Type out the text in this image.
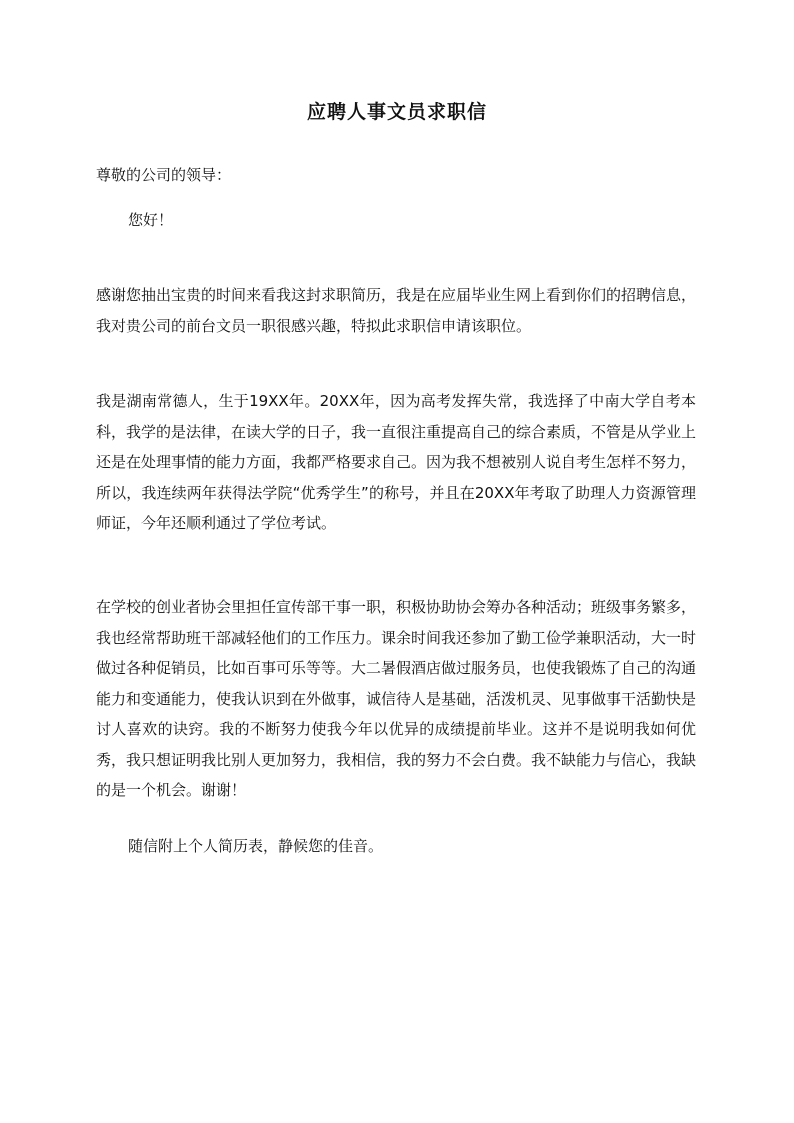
应聘人事文员求职信
尊敬的公司的领导：
您好！
感谢您抽出宝贵的时间来看我这封求职简历，我是在应届毕业生网上看到你们的招聘信息，我对贵公司的前台文员一职很感兴趣，特拟此求职信申请该职位。
我是湖南常德人，生于19XX年。20XX年，因为高考发挥失常，我选择了中南大学自考本科，我学的是法律，在读大学的日子，我一直很注重提高自己的综合素质，不管是从学业上还是在处理事情的能力方面，我都严格要求自己。因为我不想被别人说自考生怎样不努力，所以，我连续两年获得法学院“优秀学生”的称号，并且在20XX年考取了助理人力资源管理师证，今年还顺利通过了学位考试。
在学校的创业者协会里担任宣传部干事一职，积极协助协会筹办各种活动；班级事务繁多，我也经常帮助班干部减轻他们的工作压力。课余时间我还参加了勤工俭学兼职活动，大一时做过各种促销员，比如百事可乐等等。大二暑假酒店做过服务员，也使我锻炼了自己的沟通能力和变通能力，使我认识到在外做事，诚信待人是基础，活泼机灵、见事做事干活勤快是讨人喜欢的诀窍。我的不断努力使我今年以优异的成绩提前毕业。这并不是说明我如何优秀，我只想证明我比别人更加努力，我相信，我的努力不会白费。我不缺能力与信心，我缺的是一个机会。谢谢！
随信附上个人简历表，静候您的佳音。
